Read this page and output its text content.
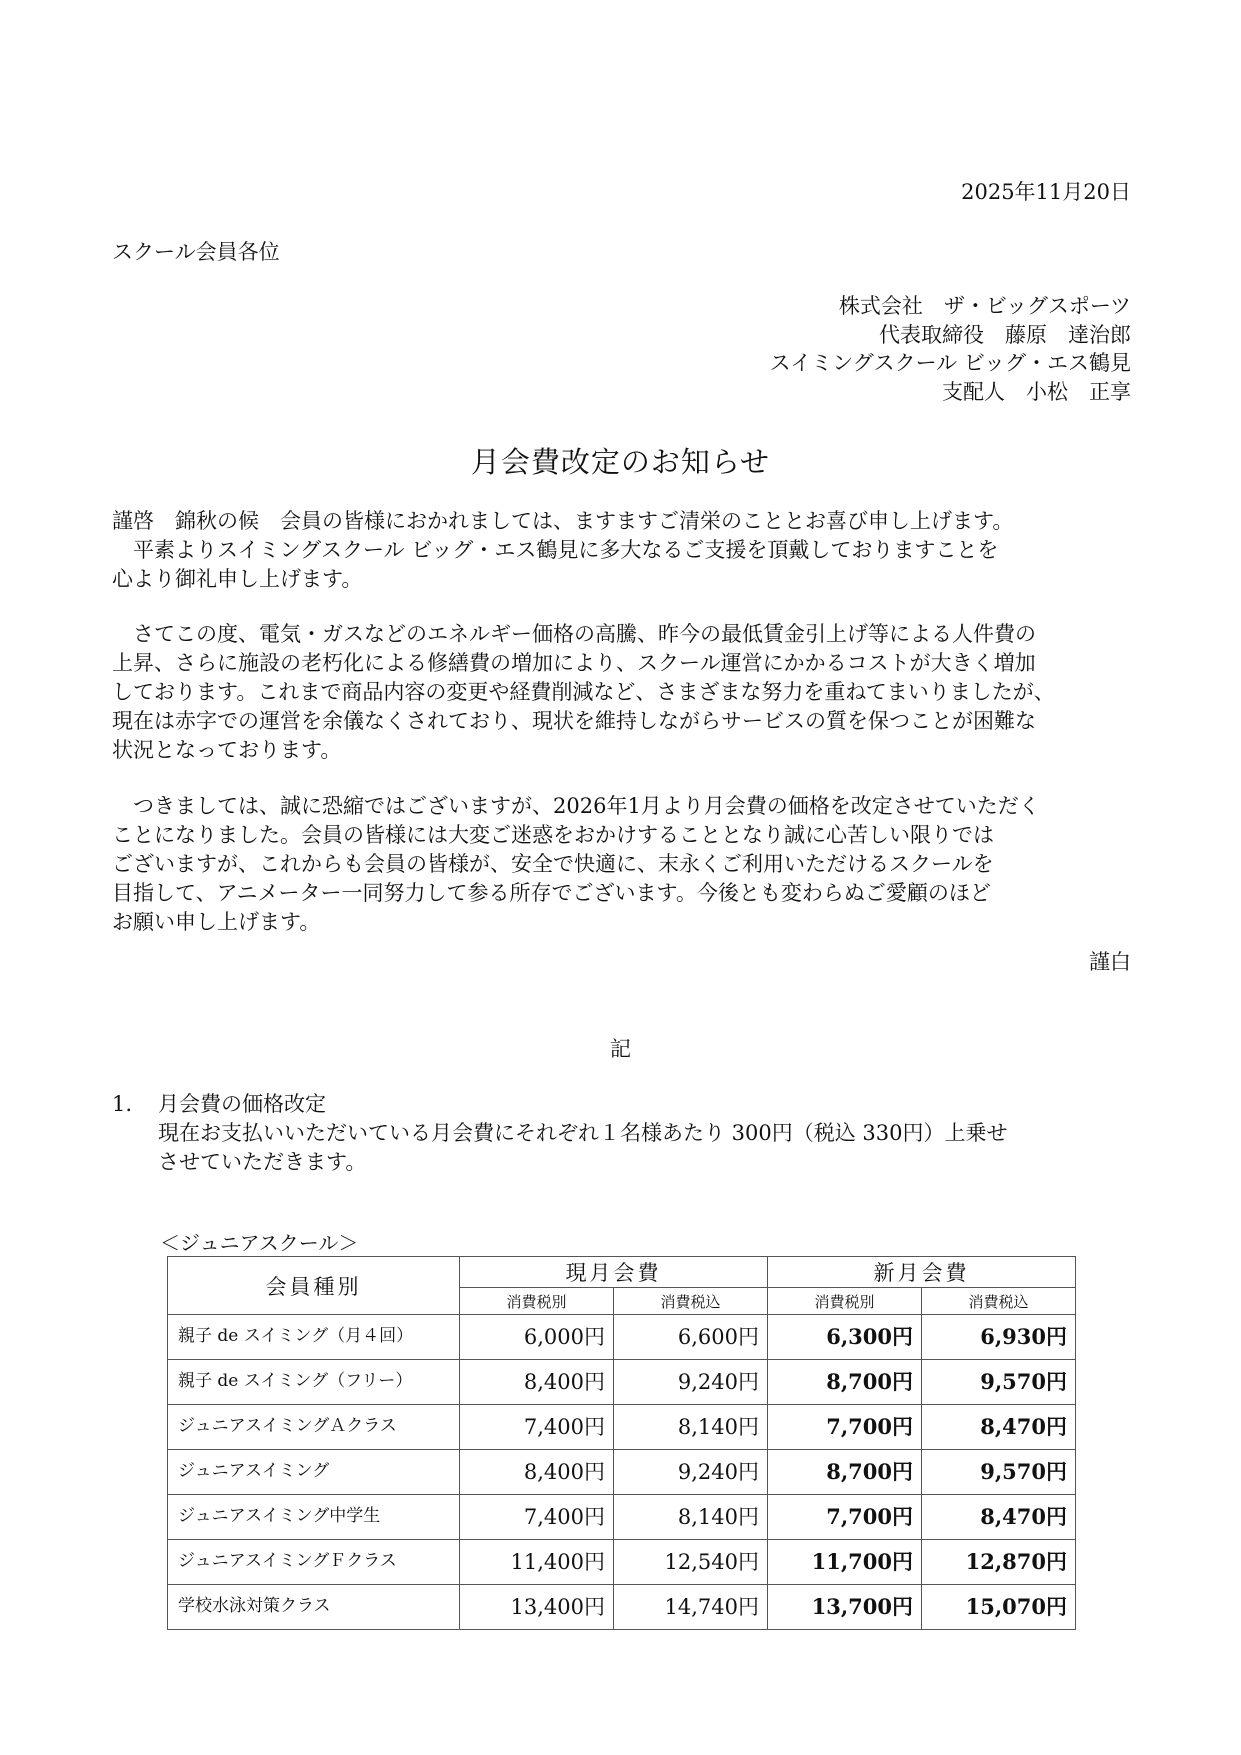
2025年11月20日
スクール会員各位
株式会社　ザ・ビッグスポーツ
代表取締役　藤原　達治郎
スイミングスクール ビッグ・エス鶴見
支配人　小松　正享
月会費改定のお知らせ
謹啓　錦秋の候　会員の皆様におかれましては、ますますご清栄のこととお喜び申し上げます。
　平素よりスイミングスクール ビッグ・エス鶴見に多大なるご支援を頂戴しておりますことを
心より御礼申し上げます。
　さてこの度、電気・ガスなどのエネルギー価格の高騰、昨今の最低賃金引上げ等による人件費の
上昇、さらに施設の老朽化による修繕費の増加により、スクール運営にかかるコストが大きく増加
しております。これまで商品内容の変更や経費削減など、さまざまな努力を重ねてまいりましたが、
現在は赤字での運営を余儀なくされており、現状を維持しながらサービスの質を保つことが困難な
状況となっております。
　つきましては、誠に恐縮ではございますが、2026年1月より月会費の価格を改定させていただく
ことになりました。会員の皆様には大変ご迷惑をおかけすることとなり誠に心苦しい限りでは
ございますが、これからも会員の皆様が、安全で快適に、末永くご利用いただけるスクールを
目指して、アニメーター一同努力して参る所存でございます。今後とも変わらぬご愛顧のほど
お願い申し上げます。
謹白
記
1. 月会費の価格改定
現在お支払いいただいている月会費にそれぞれ１名様あたり 300円（税込 330円）上乗せ
させていただきます。
＜ジュニアスクール＞
会員種別	現月会費		新月会費	
	消費税別	消費税込	消費税別	消費税込
親子 de スイミング（月４回）	6,000円	6,600円	6,300円	6,930円
親子 de スイミング（フリー）	8,400円	9,240円	8,700円	9,570円
ジュニアスイミングＡクラス	7,400円	8,140円	7,700円	8,470円
ジュニアスイミング	8,400円	9,240円	8,700円	9,570円
ジュニアスイミング中学生	7,400円	8,140円	7,700円	8,470円
ジュニアスイミングＦクラス	11,400円	12,540円	11,700円	12,870円
学校水泳対策クラス	13,400円	14,740円	13,700円	15,070円
